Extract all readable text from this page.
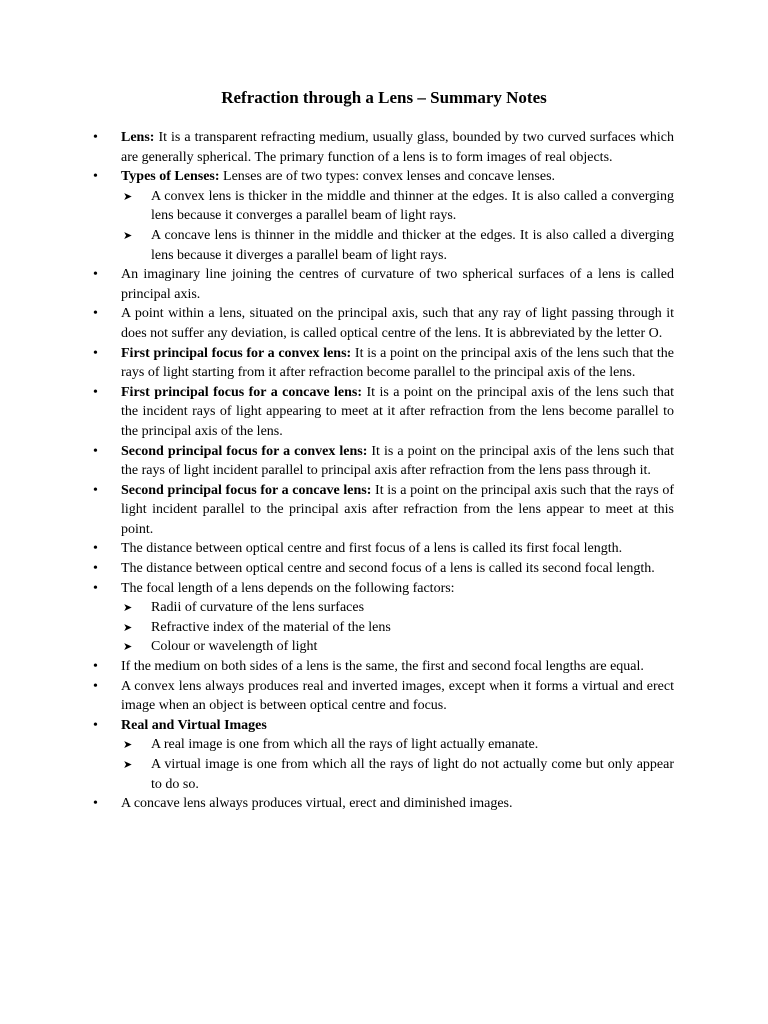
Refraction through a Lens – Summary Notes
• Lens: It is a transparent refracting medium, usually glass, bounded by two curved surfaces which are generally spherical. The primary function of a lens is to form images of real objects.
• Types of Lenses: Lenses are of two types: convex lenses and concave lenses.
➤ A convex lens is thicker in the middle and thinner at the edges. It is also called a converging lens because it converges a parallel beam of light rays.
➤ A concave lens is thinner in the middle and thicker at the edges. It is also called a diverging lens because it diverges a parallel beam of light rays.
• An imaginary line joining the centres of curvature of two spherical surfaces of a lens is called principal axis.
• A point within a lens, situated on the principal axis, such that any ray of light passing through it does not suffer any deviation, is called optical centre of the lens. It is abbreviated by the letter O.
• First principal focus for a convex lens: It is a point on the principal axis of the lens such that the rays of light starting from it after refraction become parallel to the principal axis of the lens.
• First principal focus for a concave lens: It is a point on the principal axis of the lens such that the incident rays of light appearing to meet at it after refraction from the lens become parallel to the principal axis of the lens.
• Second principal focus for a convex lens: It is a point on the principal axis of the lens such that the rays of light incident parallel to principal axis after refraction from the lens pass through it.
• Second principal focus for a concave lens: It is a point on the principal axis such that the rays of light incident parallel to the principal axis after refraction from the lens appear to meet at this point.
• The distance between optical centre and first focus of a lens is called its first focal length.
• The distance between optical centre and second focus of a lens is called its second focal length.
• The focal length of a lens depends on the following factors:
➤ Radii of curvature of the lens surfaces
➤ Refractive index of the material of the lens
➤ Colour or wavelength of light
• If the medium on both sides of a lens is the same, the first and second focal lengths are equal.
• A convex lens always produces real and inverted images, except when it forms a virtual and erect image when an object is between optical centre and focus.
• Real and Virtual Images
➤ A real image is one from which all the rays of light actually emanate.
➤ A virtual image is one from which all the rays of light do not actually come but only appear to do so.
• A concave lens always produces virtual, erect and diminished images.
